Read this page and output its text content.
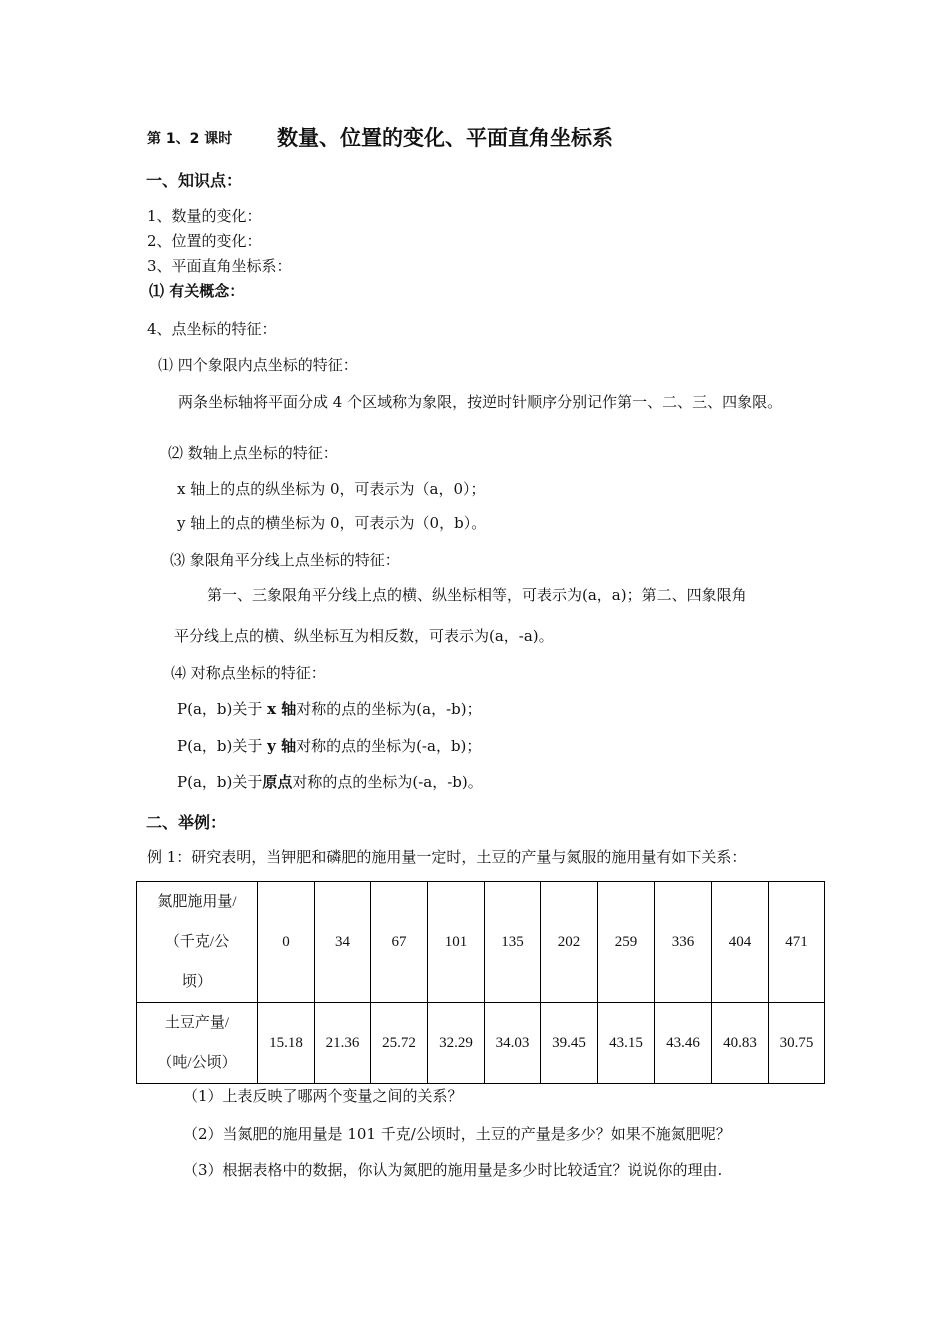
第 1、2 课时 数量、位置的变化、平面直角坐标系
一、知识点：
1、数量的变化：
2、位置的变化：
3、平面直角坐标系：
⑴ 有关概念：
4、点坐标的特征：
⑴ 四个象限内点坐标的特征：
两条坐标轴将平面分成 4 个区域称为象限，按逆时针顺序分别记作第一、二、三、四象限。
⑵ 数轴上点坐标的特征：
x 轴上的点的纵坐标为 0，可表示为（a，0）；
y 轴上的点的横坐标为 0，可表示为（0，b）。
⑶ 象限角平分线上点坐标的特征：
第一、三象限角平分线上点的横、纵坐标相等，可表示为(a，a)；第二、四象限角
平分线上点的横、纵坐标互为相反数，可表示为(a，-a)。
⑷ 对称点坐标的特征：
P(a，b)关于 x 轴对称的点的坐标为(a，-b)；
P(a，b)关于 y 轴对称的点的坐标为(-a，b)；
P(a，b)关于原点对称的点的坐标为(-a，-b)。
二、举例：
例 1：研究表明，当钾肥和磷肥的施用量一定时，土豆的产量与氮服的施用量有如下关系：
氮肥施用量/
（千克/公
顷）	0	34	67	101	135	202	259	336	404	471
土豆产量/
（吨/公顷）	15.18	21.36	25.72	32.29	34.03	39.45	43.15	43.46	40.83	30.75
（1）上表反映了哪两个变量之间的关系？
（2）当氮肥的施用量是 101 千克/公顷时，土豆的产量是多少？如果不施氮肥呢？
（3）根据表格中的数据，你认为氮肥的施用量是多少时比较适宜？说说你的理由.
